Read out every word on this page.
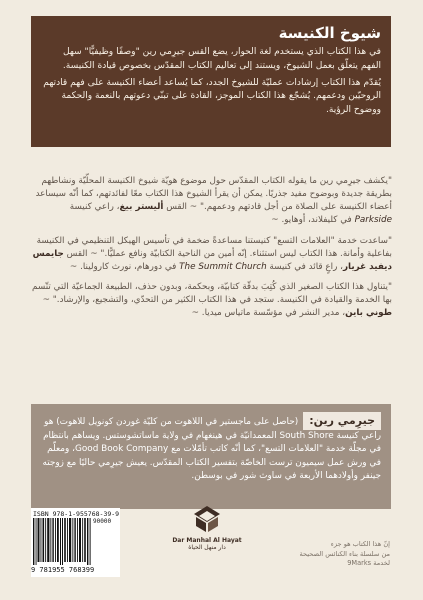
شيوخ الكنيسة

في هذا الكتاب الذي يستخدم لغة الحوار، يضع القس جيرِمي رين "وصفًا وظيفيًّا" سهل الفهم يتعلّق بعمل الشيوخ، ويستند إلى تعاليم الكتاب المقدّس بخصوص قيادة الكنيسة.

يُقدّم هذا الكتاب إرشادات عمليّة للشيوخ الجدد، كما يُساعد أعضاء الكنيسة على فهم قادتهم الروحيّين ودعمهم. يُشجّع هذا الكتاب الموجز، القادة على تبنّي دعوتهم بالنعمة والحكمة ووضوح الرؤية.

"يكشف جيرِمي رين ما يقوله الكتاب المقدّس حول موضوع هويّة شيوخ الكنيسة المحلّيّة ونشاطهم بطريقة جديدة وبوضوح مفيد جذريًا. يمكن أن يقرأ الشيوخ هذا الكتاب معًا لفائدتهم، كما أنّه سيساعد أعضاء الكنيسة على الصلاة من أجل قادتهم ودعمهم." ~ القس أليستر بيغ، راعي كنيسة Parkside في كليفلاند، أوهايو. ~

"ساعدت خدمة "العلامات التسع" كنيستنا مساعدةً ضخمة في تأسيس الهيكل التنظيمي في الكنيسة بفاعلية وأمانة. هذا الكتاب ليس استثناء. إنّه أمين من الناحية الكتابيّة ونافع عمليًّا." ~ القس جايمس ديفيد غريار، راعٍ قائد في كنيسة The Summit Church في دورهام، نورث كارولينا. ~

"يتناول هذا الكتاب الصغير الذي كُتِبَ بدقّة كتابيّة، وبحكمة، وبدون حذف، الطبيعة الجماعيّة التي تتّسم بها الخدمة والقيادة في الكنيسة. ستجد في هذا الكتاب الكثير من التحدّي، والتشجيع، والإرشاد." ~ طوني باين، مدير النشر في مؤسّسة ماتياس ميديا. ~

جيرِمي رين:(حاصل على ماجستير في اللاهوت من كليّة غوردن كونويل للاهوت) هو راعي كنيسة South Shore المعمدانيّة في هينغهام في ولاية ماساتشوستس. ويساهم بانتظام في مجلّة خدمة "العلامات التسع"، كما أنّه كاتب تأمّلات مع Good Book Company، ومعلّم في ورش عمل سيميون ترست الخاصّة بتفسير الكتاب المقدّس. يعيش جيرِمي حاليًا مع زوجته جينفر وأولادهما الأربعة في ساوث شور في بوسطن.
ISBN 978-1-955768-39-9
90000
9 781955 768399
Dar Manhal Al Hayat
دار منهل الحياة	إنّ هذا الكتاب هو جزء
من سلسلة بناء الكنائس الصحيحة
لخدمة 9Marks
